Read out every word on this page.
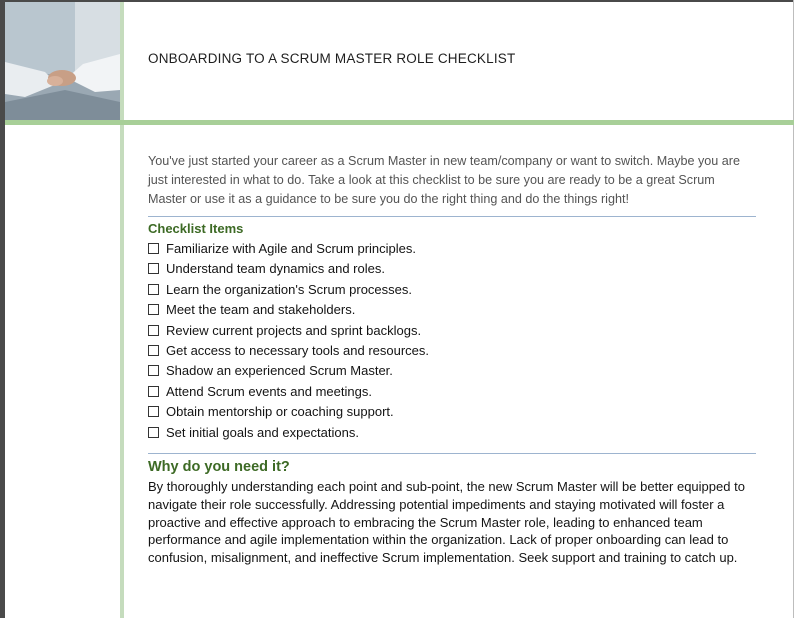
ONBOARDING TO A SCRUM MASTER ROLE CHECKLIST

You've just started your career as a Scrum Master in new team/company or want to switch. Maybe you are just interested in what to do. Take a look at this checklist to be sure you are ready to be a great Scrum Master or use it as a guidance to be sure you do the right thing and do the things right!

Checklist Items
Familiarize with Agile and Scrum principles.
Understand team dynamics and roles.
Learn the organization's Scrum processes.
Meet the team and stakeholders.
Review current projects and sprint backlogs.
Get access to necessary tools and resources.
Shadow an experienced Scrum Master.
Attend Scrum events and meetings.
Obtain mentorship or coaching support.
Set initial goals and expectations.
Why do you need it?

By thoroughly understanding each point and sub-point, the new Scrum Master will be better equipped to navigate their role successfully. Addressing potential impediments and staying motivated will foster a proactive and effective approach to embracing the Scrum Master role, leading to enhanced team performance and agile implementation within the organization. Lack of proper onboarding can lead to confusion, misalignment, and ineffective Scrum implementation. Seek support and training to catch up.
